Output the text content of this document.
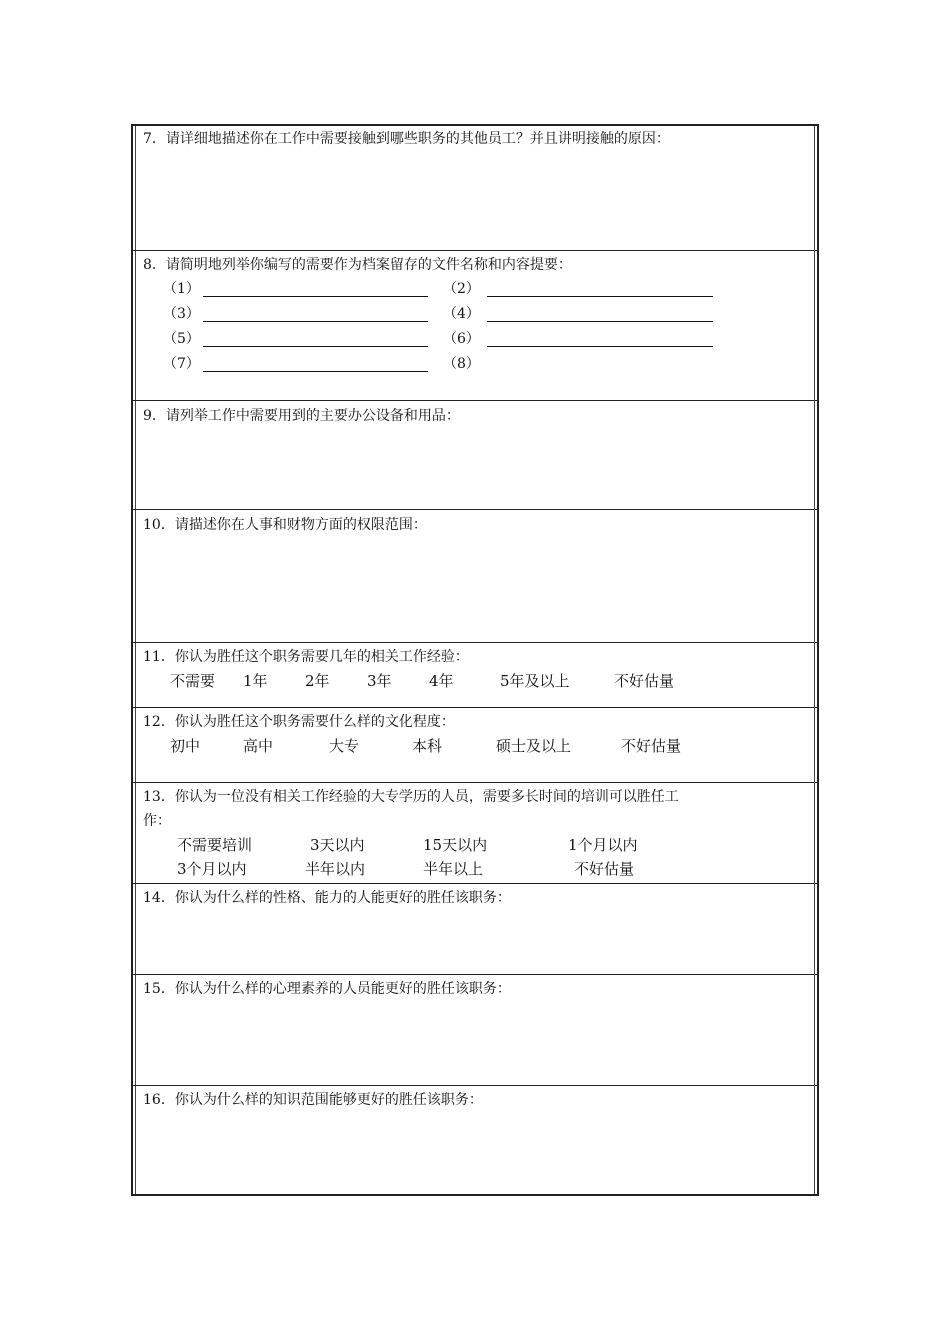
7．请详细地描述你在工作中需要接触到哪些职务的其他员工？并且讲明接触的原因：
8．请简明地列举你编写的需要作为档案留存的文件名称和内容提要：
（1）	（2）
（3）	（4）
（5）	（6）
（7）	（8）
9．请列举工作中需要用到的主要办公设备和用品：
10．请描述你在人事和财物方面的权限范围：
11．你认为胜任这个职务需要几年的相关工作经验：
不需要 1年 2年 3年 4年	5年及以上	不好估量
12．你认为胜任这个职务需要什么样的文化程度：
初中	高中	大专	本科	硕士及以上	不好估量
13．你认为一位没有相关工作经验的大专学历的人员，需要多长时间的培训可以胜任工
作：
不需要培训	3天以内	15天以内	1个月以内
3个月以内	半年以内	半年以上	不好估量
14．你认为什么样的性格、能力的人能更好的胜任该职务：
15．你认为什么样的心理素养的人员能更好的胜任该职务：
16．你认为什么样的知识范围能够更好的胜任该职务：
